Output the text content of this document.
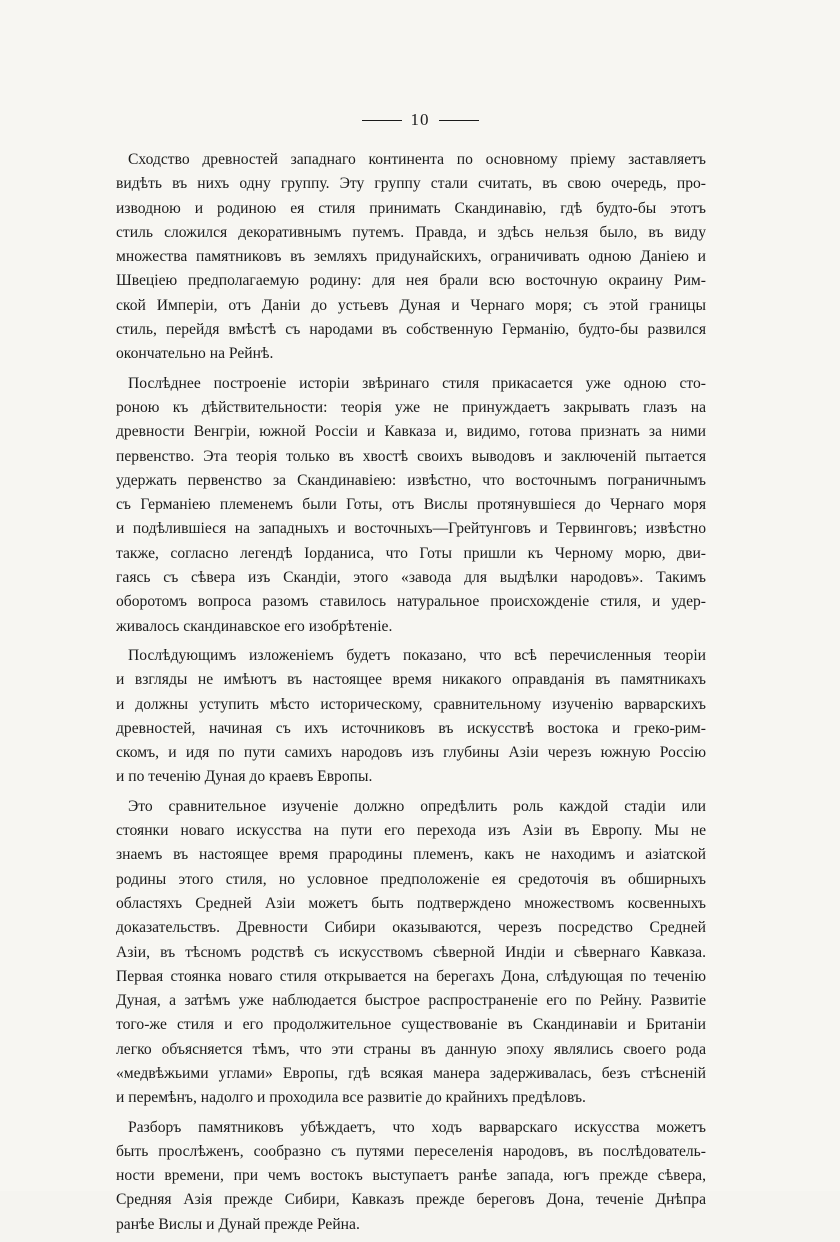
10

Сходство древностей западнаго континента по основному пріему заставляетъ
видѣть въ нихъ одну группу. Эту группу стали считать, въ свою очередь, про-
изводною и родиною ея стиля принимать Скандинавію, гдѣ будто-бы этотъ
стиль сложился декоративнымъ путемъ. Правда, и здѣсь нельзя было, въ виду
множества памятниковъ въ земляхъ придунайскихъ, ограничивать одною Даніею и
Швеціею предполагаемую родину: для нея брали всю восточную окраину Рим-
ской Имперіи, отъ Даніи до устьевъ Дуная и Чернаго моря; съ этой границы
стиль, перейдя вмѣстѣ съ народами въ собственную Германію, будто-бы развился
окончательно на Рейнѣ.

Послѣднее построеніе исторіи звѣринаго стиля прикасается уже одною сто-
роною къ дѣйствительности: теорія уже не принуждаетъ закрывать глазъ на
древности Венгріи, южной Россіи и Кавказа и, видимо, готова признать за ними
первенство. Эта теорія только въ хвостѣ своихъ выводовъ и заключеній пытается
удержать первенство за Скандинавіею: извѣстно, что восточнымъ пограничнымъ
съ Германіею племенемъ были Готы, отъ Вислы протянувшіеся до Чернаго моря
и подѣлившіеся на западныхъ и восточныхъ—Грейтунговъ и Тервинговъ; извѣстно
также, согласно легендѣ Іорданиса, что Готы пришли къ Черному морю, дви-
гаясь съ сѣвера изъ Скандіи, этого «завода для выдѣлки народовъ». Такимъ
оборотомъ вопроса разомъ ставилось натуральное происхожденіе стиля, и удер-
живалось скандинавское его изобрѣтеніе.

Послѣдующимъ изложеніемъ будетъ показано, что всѣ перечисленныя теоріи
и взгляды не имѣютъ въ настоящее время никакого оправданія въ памятникахъ
и должны уступить мѣсто историческому, сравнительному изученію варварскихъ
древностей, начиная съ ихъ источниковъ въ искусствѣ востока и греко-рим-
скомъ, и идя по пути самихъ народовъ изъ глубины Азіи черезъ южную Россію
и по теченію Дуная до краевъ Европы.

Это сравнительное изученіе должно опредѣлить роль каждой стадіи или
стоянки новаго искусства на пути его перехода изъ Азіи въ Европу. Мы не
знаемъ въ настоящее время прародины племенъ, какъ не находимъ и азіатской
родины этого стиля, но условное предположеніе ея средоточія въ обширныхъ
областяхъ Средней Азіи можетъ быть подтверждено множествомъ косвенныхъ
доказательствъ. Древности Сибири оказываются, черезъ посредство Средней
Азіи, въ тѣсномъ родствѣ съ искусствомъ сѣверной Индіи и сѣвернаго Кавказа.
Первая стоянка новаго стиля открывается на берегахъ Дона, слѣдующая по теченію
Дуная, а затѣмъ уже наблюдается быстрое распространеніе его по Рейну. Развитіе
того-же стиля и его продолжительное существованіе въ Скандинавіи и Британіи
легко объясняется тѣмъ, что эти страны въ данную эпоху являлись своего рода
«медвѣжьими углами» Европы, гдѣ всякая манера задерживалась, безъ стѣсненій
и перемѣнъ, надолго и проходила все развитіе до крайнихъ предѣловъ.

Разборъ памятниковъ убѣждаетъ, что ходъ варварскаго искусства можетъ
быть прослѣженъ, сообразно съ путями переселенія народовъ, въ послѣдователь-
ности времени, при чемъ востокъ выступаетъ ранѣе запада, югъ прежде сѣвера,
Средняя Азія прежде Сибири, Кавказъ прежде береговъ Дона, теченіе Днѣпра
ранѣе Вислы и Дунай прежде Рейна.
